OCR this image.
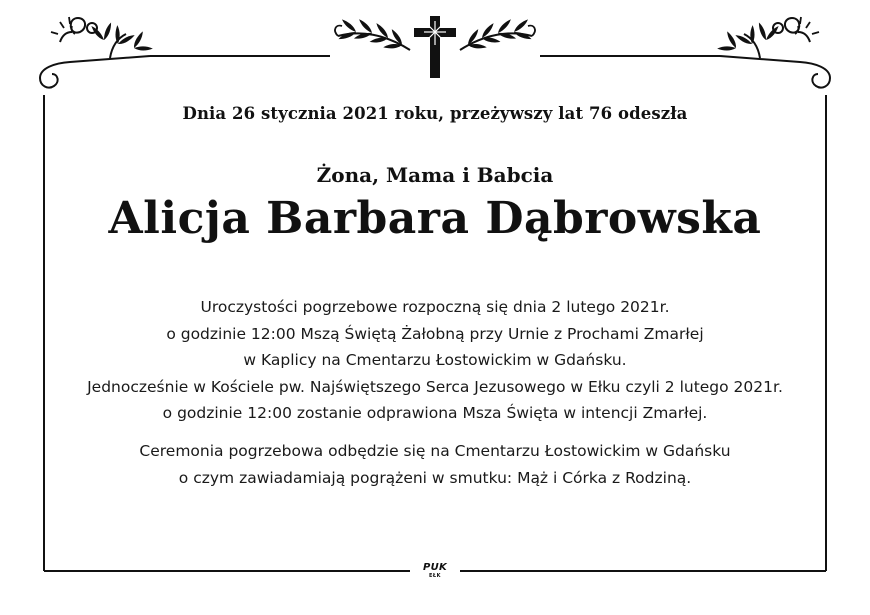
Dnia 26 stycznia 2021 roku, przeżywszy lat 76 odeszła
Żona, Mama i Babcia
Alicja Barbara Dąbrowska
Uroczystości pogrzebowe rozpoczną się dnia 2 lutego 2021r.
o godzinie 12:00 Mszą Świętą Żałobną przy Urnie z Prochami Zmarłej
w Kaplicy na Cmentarzu Łostowickim w Gdańsku.
Jednocześnie w Kościele pw. Najświętszego Serca Jezusowego w Ełku czyli 2 lutego 2021r.
o godzinie 12:00 zostanie odprawiona Msza Święta w intencji Zmarłej.
Ceremonia pogrzebowa odbędzie się na Cmentarzu Łostowickim w Gdańsku
o czym zawiadamiają pogrążeni w smutku: Mąż i Córka z Rodziną.
PUK
EŁK
